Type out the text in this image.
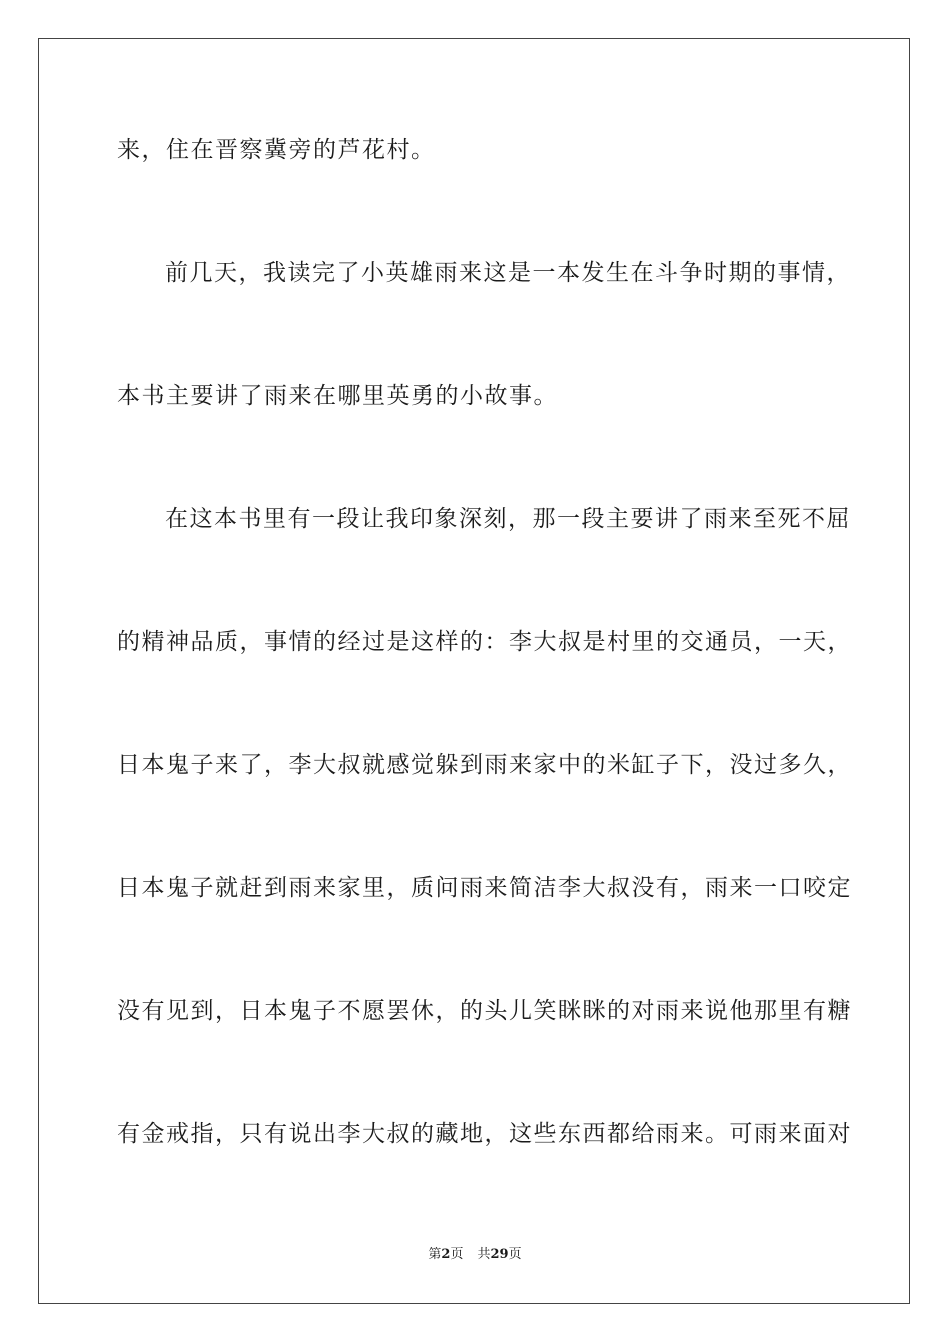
来，住在晋察冀旁的芦花村。
前几天，我读完了小英雄雨来这是一本发生在斗争时期的事情，
本书主要讲了雨来在哪里英勇的小故事。
在这本书里有一段让我印象深刻，那一段主要讲了雨来至死不屈
的精神品质，事情的经过是这样的：李大叔是村里的交通员，一天，
日本鬼子来了，李大叔就感觉躲到雨来家中的米缸子下，没过多久，
日本鬼子就赶到雨来家里，质问雨来简洁李大叔没有，雨来一口咬定
没有见到，日本鬼子不愿罢休，的头儿笑眯眯的对雨来说他那里有糖
有金戒指，只有说出李大叔的藏地，这些东西都给雨来。可雨来面对
第2页 共29页
